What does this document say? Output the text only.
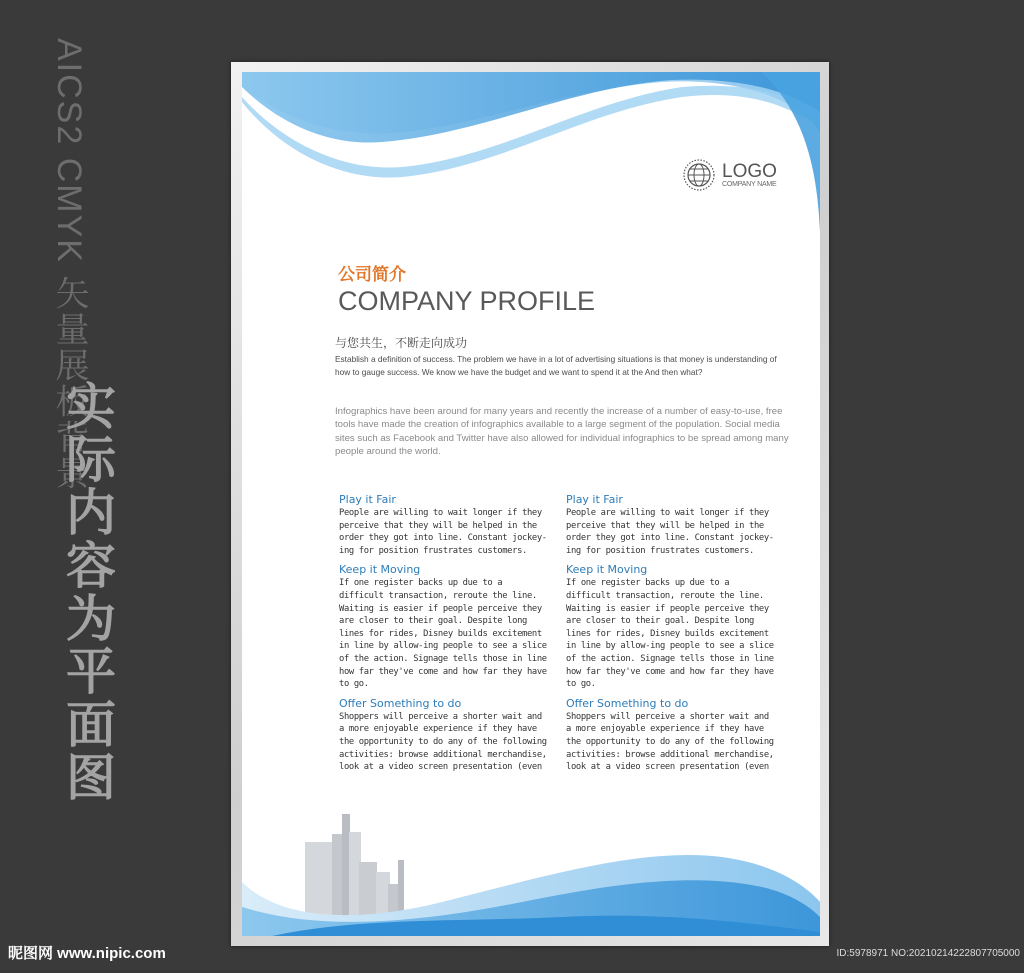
AICS2 CMYK 矢量展板背景
实际内容为平面图
LOGO
COMPANY NAME
公司简介
COMPANY PROFILE
与您共生，不断走向成功
Establish a definition of success. The problem we have in a lot of advertising situations is that money is understanding of how to gauge success. We know we have the budget and we want to spend it at the And then what?
Infographics have been around for many years and recently the increase of a number of easy-to-use, free tools have made the creation of infographics available to a large segment of the population. Social media sites such as Facebook and Twitter have also allowed for individual infographics to be spread among many people around the world.
Play it Fair

People are willing to wait longer if they perceive that they will be helped in the order they got into line. Constant jockey-ing for position frustrates customers.

Keep it Moving

If one register backs up due to a difficult transaction, reroute the line. Waiting is easier if people perceive they are closer to their goal. Despite long lines for rides, Disney builds excitement in line by allow-ing people to see a slice of the action. Signage tells those in line how far they've come and how far they have to go.

Offer Something to do

Shoppers will perceive a shorter wait and a more enjoyable experience if they have the opportunity to do any of the following activities: browse additional merchandise, look at a video screen presentation (even

Play it Fair

People are willing to wait longer if they perceive that they will be helped in the order they got into line. Constant jockey-ing for position frustrates customers.

Keep it Moving

If one register backs up due to a difficult transaction, reroute the line. Waiting is easier if people perceive they are closer to their goal. Despite long lines for rides, Disney builds excitement in line by allow-ing people to see a slice of the action. Signage tells those in line how far they've come and how far they have to go.

Offer Something to do

Shoppers will perceive a shorter wait and a more enjoyable experience if they have the opportunity to do any of the following activities: browse additional merchandise, look at a video screen presentation (even

昵图网 www.nipic.com	ID:5978971 NO:20210214222807705000
